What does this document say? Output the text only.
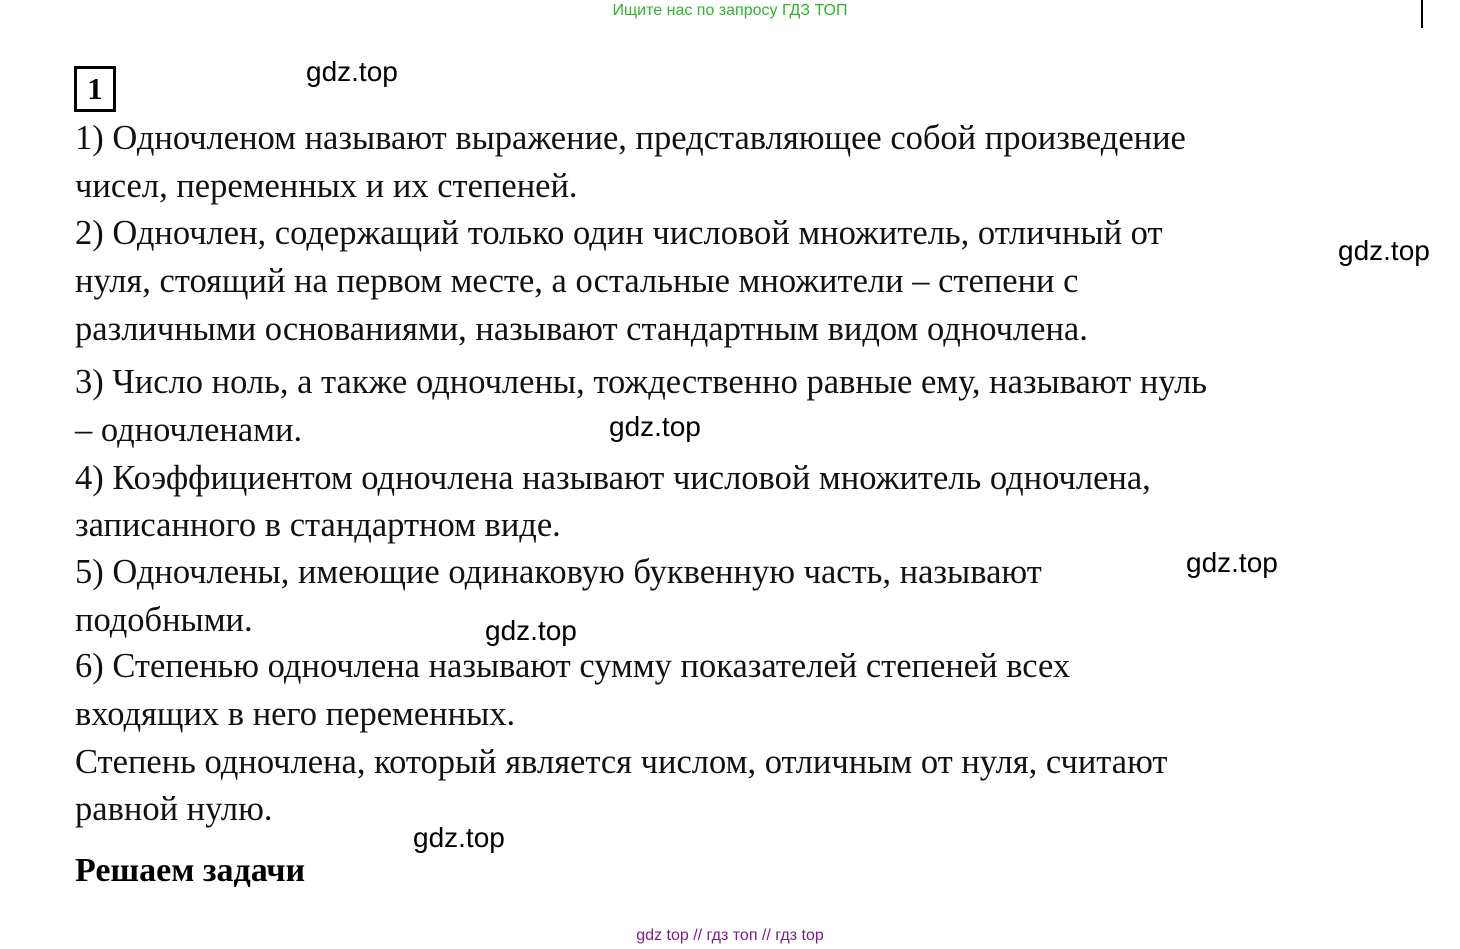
Ищите нас по запросу ГДЗ ТОП
1
1) Одночленом называют выражение, представляющее собой произведение
чисел, переменных и их степеней.
2) Одночлен, содержащий только один числовой множитель, отличный от
нуля, стоящий на первом месте, а остальные множители – степени с
различными основаниями, называют стандартным видом одночлена.
3) Число ноль, а также одночлены, тождественно равные ему, называют нуль
– одночленами.
4) Коэффициентом одночлена называют числовой множитель одночлена,
записанного в стандартном виде.
5) Одночлены, имеющие одинаковую буквенную часть, называют
подобными.
6) Степенью одночлена называют сумму показателей степеней всех
входящих в него переменных.
Степень одночлена, который является числом, отличным от нуля, считают
равной нулю.
Решаем задачи
gdz.top
gdz.top
gdz.top
gdz.top
gdz.top
gdz.top
gdz top // гдз топ // гдз top
